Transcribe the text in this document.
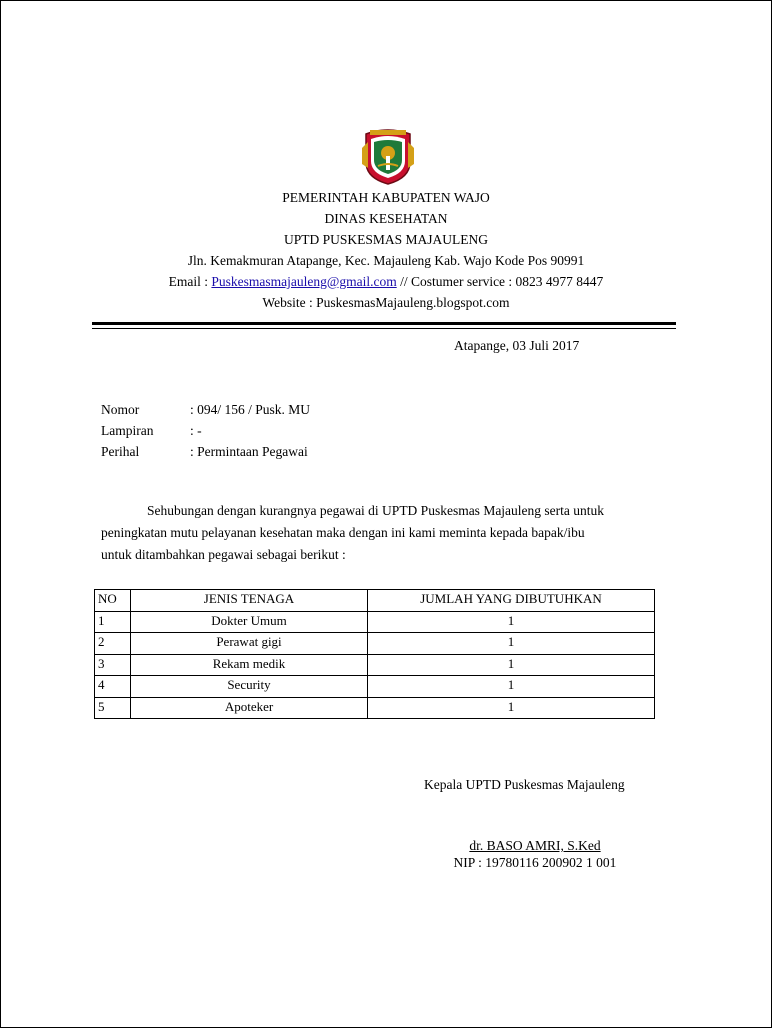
PEMERINTAH KABUPATEN WAJO
DINAS KESEHATAN
UPTD PUSKESMAS MAJAULENG
Jln. Kemakmuran Atapange, Kec. Majauleng Kab. Wajo Kode Pos 90991
Email : Puskesmasmajauleng@gmail.com // Costumer service : 0823 4977 8447
Website : PuskesmasMajauleng.blogspot.com
Atapange, 03 Juli 2017
Nomor	: 094/ 156 / Pusk. MU
Lampiran	: -
Perihal	: Permintaan Pegawai
Sehubungan dengan kurangnya pegawai di UPTD Puskesmas Majauleng serta untuk
peningkatan mutu pelayanan kesehatan maka dengan ini kami meminta kepada bapak/ibu
untuk ditambahkan pegawai sebagai berikut :
NO	JENIS TENAGA	JUMLAH YANG DIBUTUHKAN
1	Dokter Umum	1
2	Perawat gigi	1
3	Rekam medik	1
4	Security	1
5	Apoteker	1
Kepala UPTD Puskesmas Majauleng
dr. BASO AMRI, S.Ked
NIP : 19780116 200902 1 001
